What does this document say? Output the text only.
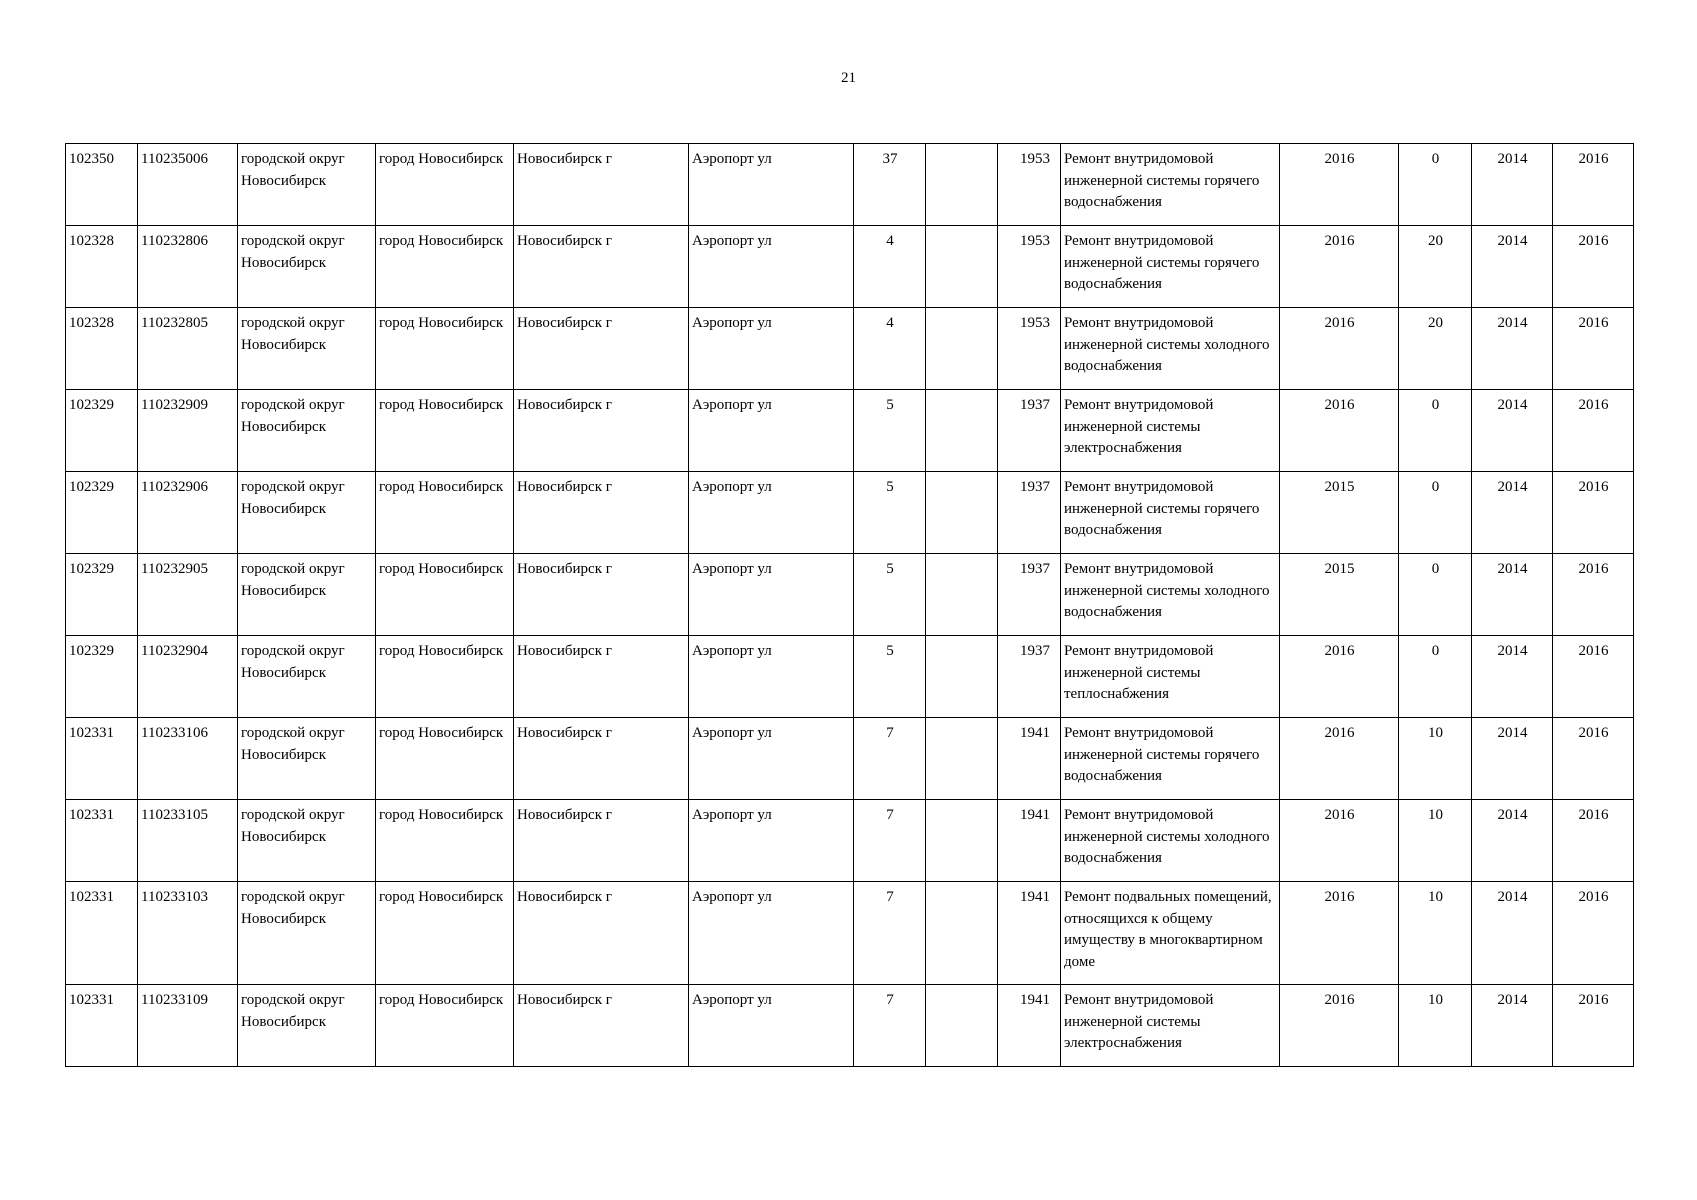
21
102350	110235006	городской округ Новосибирск	город Новосибирск	Новосибирск г	Аэропорт ул	37		1953	Ремонт внутридомовой инженерной системы горячего водоснабжения	2016	0	2014	2016
102328	110232806	городской округ Новосибирск	город Новосибирск	Новосибирск г	Аэропорт ул	4		1953	Ремонт внутридомовой инженерной системы горячего водоснабжения	2016	20	2014	2016
102328	110232805	городской округ Новосибирск	город Новосибирск	Новосибирск г	Аэропорт ул	4		1953	Ремонт внутридомовой инженерной системы холодного водоснабжения	2016	20	2014	2016
102329	110232909	городской округ Новосибирск	город Новосибирск	Новосибирск г	Аэропорт ул	5		1937	Ремонт внутридомовой инженерной системы электроснабжения	2016	0	2014	2016
102329	110232906	городской округ Новосибирск	город Новосибирск	Новосибирск г	Аэропорт ул	5		1937	Ремонт внутридомовой инженерной системы горячего водоснабжения	2015	0	2014	2016
102329	110232905	городской округ Новосибирск	город Новосибирск	Новосибирск г	Аэропорт ул	5		1937	Ремонт внутридомовой инженерной системы холодного водоснабжения	2015	0	2014	2016
102329	110232904	городской округ Новосибирск	город Новосибирск	Новосибирск г	Аэропорт ул	5		1937	Ремонт внутридомовой инженерной системы теплоснабжения	2016	0	2014	2016
102331	110233106	городской округ Новосибирск	город Новосибирск	Новосибирск г	Аэропорт ул	7		1941	Ремонт внутридомовой инженерной системы горячего водоснабжения	2016	10	2014	2016
102331	110233105	городской округ Новосибирск	город Новосибирск	Новосибирск г	Аэропорт ул	7		1941	Ремонт внутридомовой инженерной системы холодного водоснабжения	2016	10	2014	2016
102331	110233103	городской округ Новосибирск	город Новосибирск	Новосибирск г	Аэропорт ул	7		1941	Ремонт подвальных помещений, относящихся к общему имуществу в многоквартирном доме	2016	10	2014	2016
102331	110233109	городской округ Новосибирск	город Новосибирск	Новосибирск г	Аэропорт ул	7		1941	Ремонт внутридомовой инженерной системы электроснабжения	2016	10	2014	2016
